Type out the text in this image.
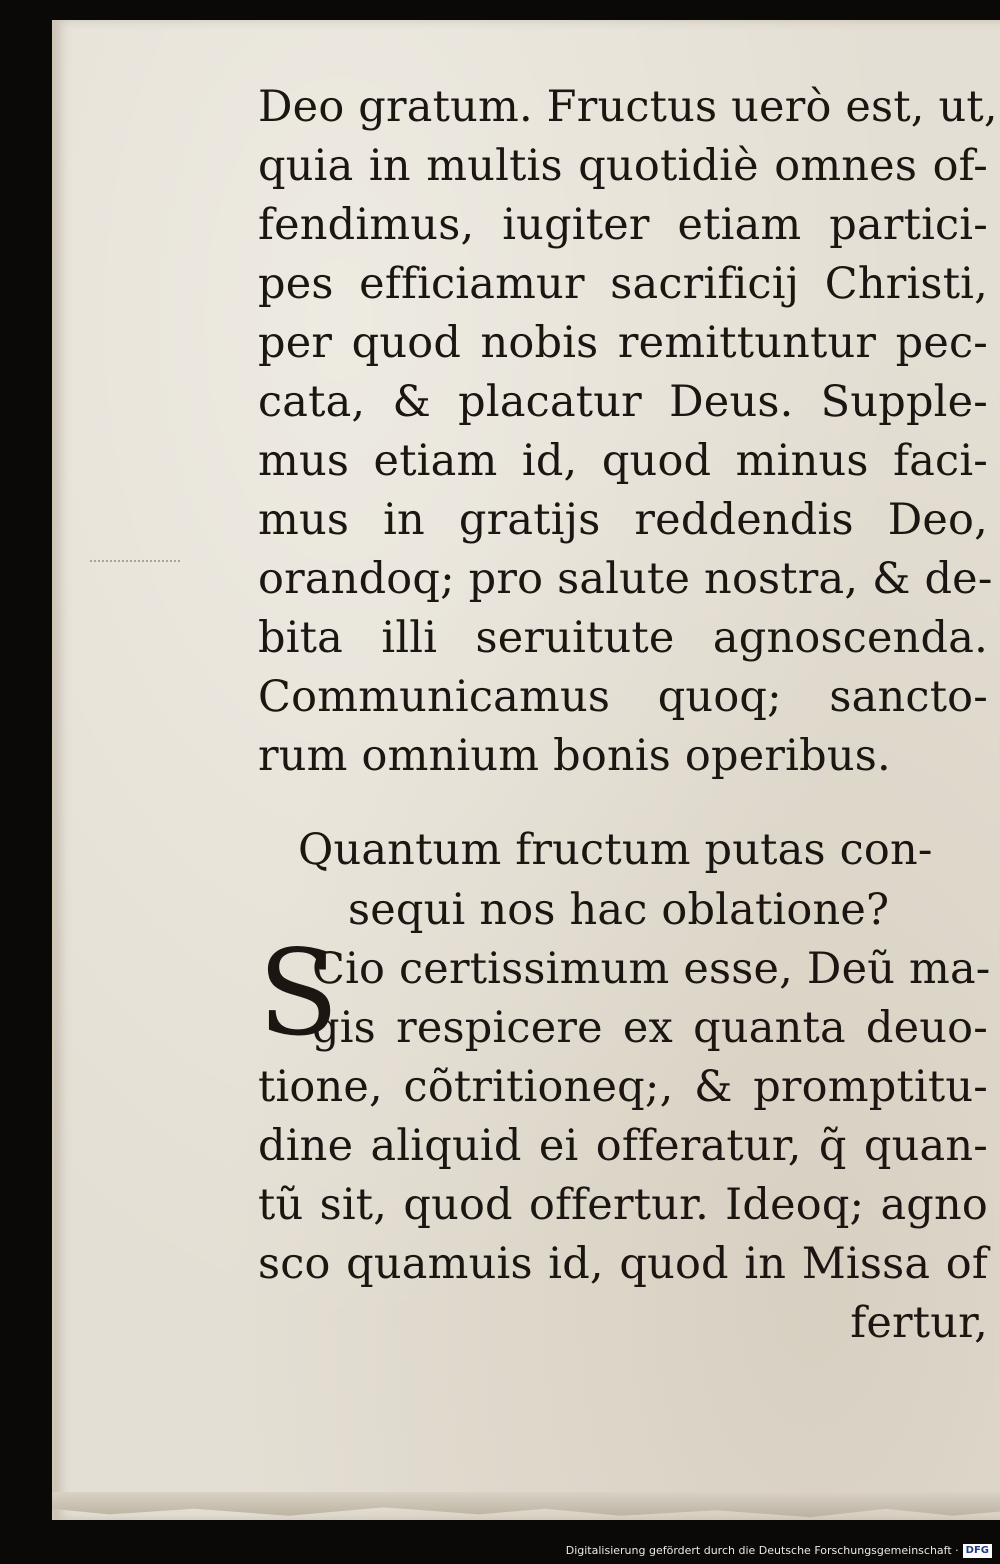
Deo gratum. Fructus uerò est, ut,
quia in multis quotidiè omnes of-
fendimus, iugiter etiam partici-
pes efficiamur sacrificij Christi,
per quod nobis remittuntur pec-
cata, & placatur Deus. Supple-
mus etiam id, quod minus faci-
mus in gratijs reddendis Deo,
orandoq; pro salute nostra, & de-
bita illi seruitute agnoscenda.
Communicamus quoq; sancto-
rum omnium bonis operibus.
Quantum fructum putas con-
sequi nos hac oblatione?
S
Cio certissimum esse, Deũ ma-
gis respicere ex quanta deuo-
tione, cõtritioneq;, & promptitu-
dine aliquid ei offeratur, q̃ quan-
tũ sit, quod offertur. Ideoq; agno
sco quamuis id, quod in Missa of
fertur,
Digitalisierung gefördert durch die Deutsche Forschungsgemeinschaft · DFG
